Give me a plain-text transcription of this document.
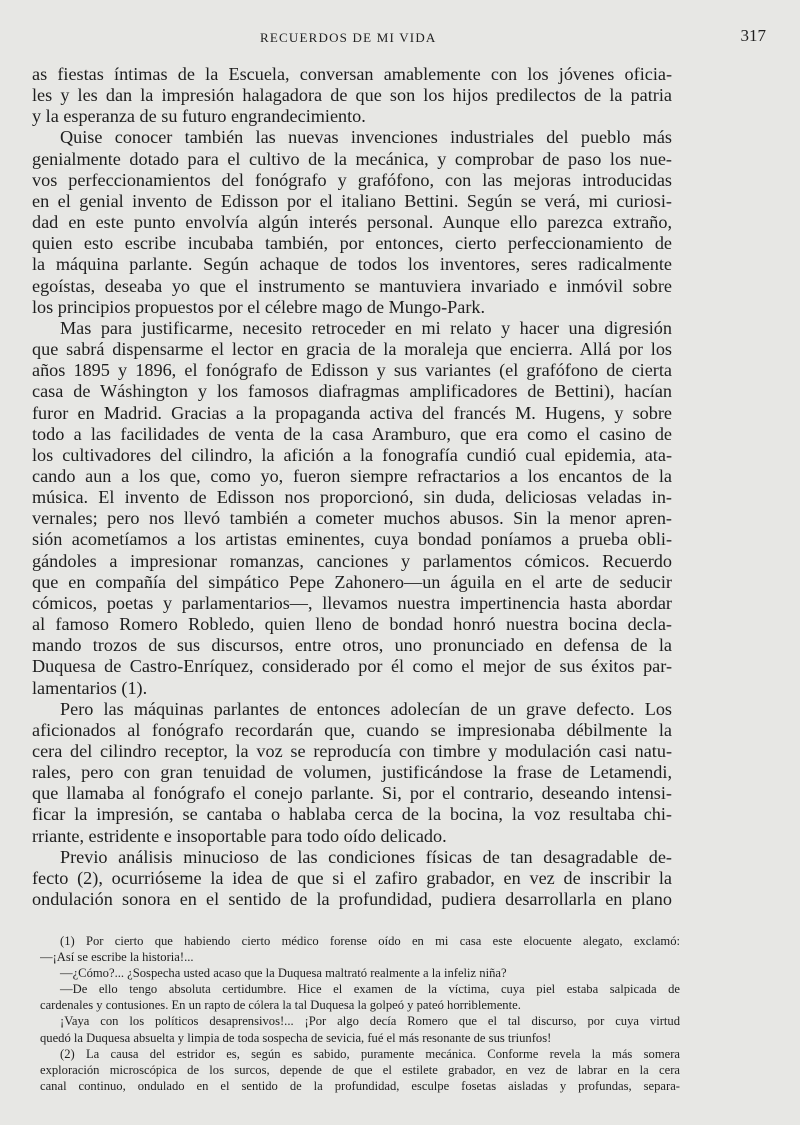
RECUERDOS DE MI VIDA	317
as fiestas íntimas de la Escuela, conversan amablemente con los jóvenes oficia-
les y les dan la impresión halagadora de que son los hijos predilectos de la patria
y la esperanza de su futuro engrandecimiento.
Quise conocer también las nuevas invenciones industriales del pueblo más
genialmente dotado para el cultivo de la mecánica, y comprobar de paso los nue-
vos perfeccionamientos del fonógrafo y grafófono, con las mejoras introducidas
en el genial invento de Edisson por el italiano Bettini. Según se verá, mi curiosi-
dad en este punto envolvía algún interés personal. Aunque ello parezca extraño,
quien esto escribe incubaba también, por entonces, cierto perfeccionamiento de
la máquina parlante. Según achaque de todos los inventores, seres radicalmente
egoístas, deseaba yo que el instrumento se mantuviera invariado e inmóvil sobre
los principios propuestos por el célebre mago de Mungo-Park.
Mas para justificarme, necesito retroceder en mi relato y hacer una digresión
que sabrá dispensarme el lector en gracia de la moraleja que encierra. Allá por los
años 1895 y 1896, el fonógrafo de Edisson y sus variantes (el grafófono de cierta
casa de Wáshington y los famosos diafragmas amplificadores de Bettini), hacían
furor en Madrid. Gracias a la propaganda activa del francés M. Hugens, y sobre
todo a las facilidades de venta de la casa Aramburo, que era como el casino de
los cultivadores del cilindro, la afición a la fonografía cundió cual epidemia, ata-
cando aun a los que, como yo, fueron siempre refractarios a los encantos de la
música. El invento de Edisson nos proporcionó, sin duda, deliciosas veladas in-
vernales; pero nos llevó también a cometer muchos abusos. Sin la menor apren-
sión acometíamos a los artistas eminentes, cuya bondad poníamos a prueba obli-
gándoles a impresionar romanzas, canciones y parlamentos cómicos. Recuerdo
que en compañía del simpático Pepe Zahonero—un águila en el arte de seducir
cómicos, poetas y parlamentarios—, llevamos nuestra impertinencia hasta abordar
al famoso Romero Robledo, quien lleno de bondad honró nuestra bocina decla-
mando trozos de sus discursos, entre otros, uno pronunciado en defensa de la
Duquesa de Castro-Enríquez, considerado por él como el mejor de sus éxitos par-
lamentarios (1).
Pero las máquinas parlantes de entonces adolecían de un grave defecto. Los
aficionados al fonógrafo recordarán que, cuando se impresionaba débilmente la
cera del cilindro receptor, la voz se reproducía con timbre y modulación casi natu-
rales, pero con gran tenuidad de volumen, justificándose la frase de Letamendi,
que llamaba al fonógrafo el conejo parlante. Si, por el contrario, deseando intensi-
ficar la impresión, se cantaba o hablaba cerca de la bocina, la voz resultaba chi-
rriante, estridente e insoportable para todo oído delicado.
Previo análisis minucioso de las condiciones físicas de tan desagradable de-
fecto (2), ocurrióseme la idea de que si el zafiro grabador, en vez de inscribir la
ondulación sonora en el sentido de la profundidad, pudiera desarrollarla en plano
(1) Por cierto que habiendo cierto médico forense oído en mi casa este elocuente alegato, exclamó:
—¡Así se escribe la historia!...
—¿Cómo?... ¿Sospecha usted acaso que la Duquesa maltrató realmente a la infeliz niña?
—De ello tengo absoluta certidumbre. Hice el examen de la víctima, cuya piel estaba salpicada de
cardenales y contusiones. En un rapto de cólera la tal Duquesa la golpeó y pateó horriblemente.
¡Vaya con los políticos desaprensivos!... ¡Por algo decía Romero que el tal discurso, por cuya virtud
quedó la Duquesa absuelta y limpia de toda sospecha de sevicia, fué el más resonante de sus triunfos!
(2) La causa del estridor es, según es sabido, puramente mecánica. Conforme revela la más somera
exploración microscópica de los surcos, depende de que el estilete grabador, en vez de labrar en la cera
canal continuo, ondulado en el sentido de la profundidad, esculpe fosetas aisladas y profundas, separa-
